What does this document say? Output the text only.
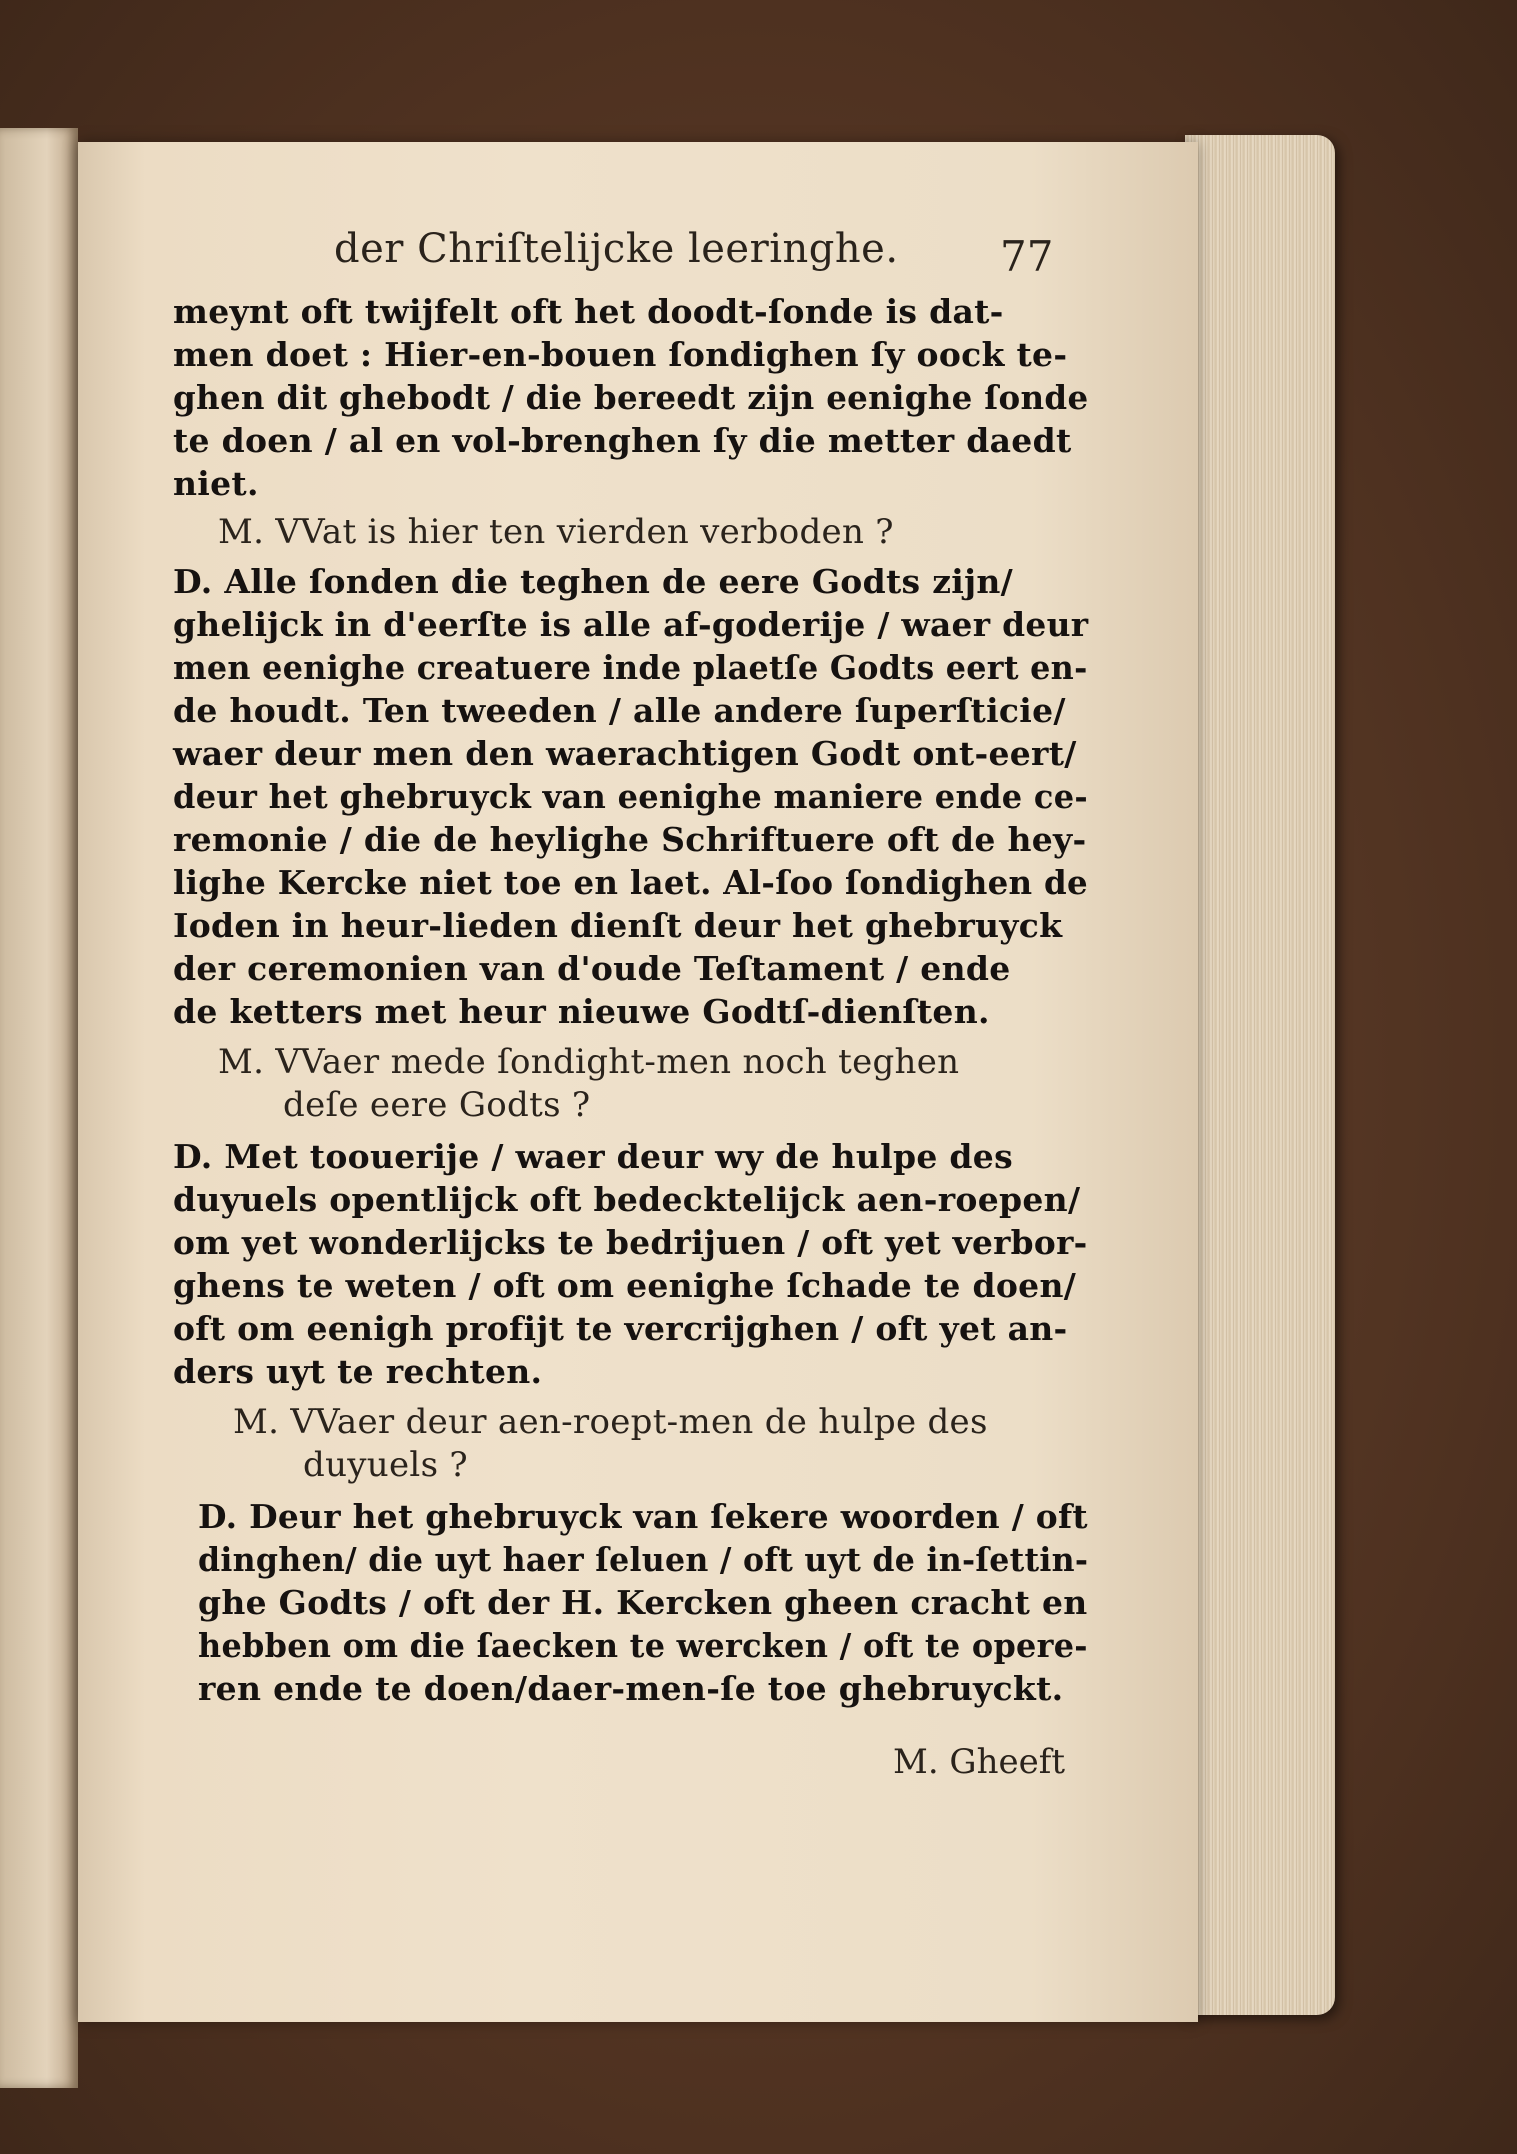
der Chriſtelijcke leeringhe. 77
meynt oft twijfelt oft het doodt-ſonde is dat-
men doet : Hier-en-bouen ſondighen ſy oock te-
ghen dit ghebodt / die bereedt zijn eenighe ſonde
te doen / al en vol-brenghen ſy die metter daedt
niet.
M. VVat is hier ten vierden verboden ?
D. Alle ſonden die teghen de eere Godts zijn/
ghelijck in d'eerſte is alle af-goderije / waer deur
men eenighe creatuere inde plaetſe Godts eert en-
de houdt. Ten tweeden / alle andere ſuperſticie/
waer deur men den waerachtigen Godt ont-eert/
deur het ghebruyck van eenighe maniere ende ce-
remonie / die de heylighe Schriftuere oft de hey-
lighe Kercke niet toe en laet. Al-ſoo ſondighen de
Ioden in heur-lieden dienſt deur het ghebruyck
der ceremonien van d'oude Teſtament / ende
de ketters met heur nieuwe Godtſ-dienſten.
M. VVaer mede ſondight-men noch teghen
deſe eere Godts ?
D. Met toouerije / waer deur wy de hulpe des
duyuels opentlijck oft bedecktelijck aen-roepen/
om yet wonderlijcks te bedrijuen / oft yet verbor-
ghens te weten / oft om eenighe ſchade te doen/
oft om eenigh profijt te vercrijghen / oft yet an-
ders uyt te rechten.
M. VVaer deur aen-roept-men de hulpe des
duyuels ?
D. Deur het ghebruyck van ſekere woorden / oft
dinghen/ die uyt haer ſeluen / oft uyt de in-ſettin-
ghe Godts / oft der H. Kercken gheen cracht en
hebben om die ſaecken te wercken / oft te opere-
ren ende te doen/daer-men-ſe toe ghebruyckt.
M. Gheeft
